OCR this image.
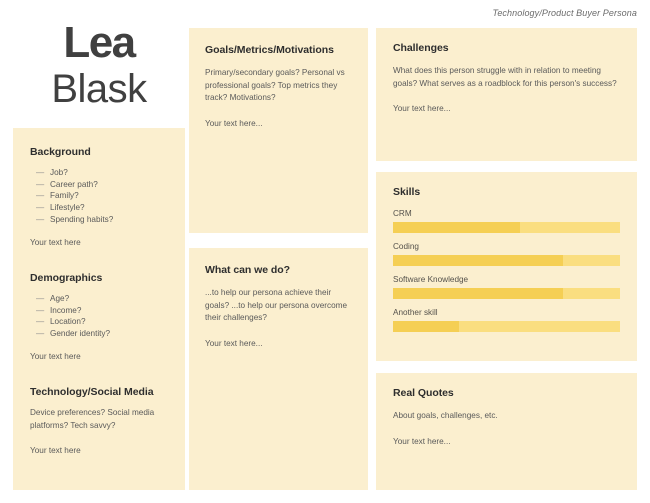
Technology/Product Buyer Persona
Lea
Blask
Background
— Job?
— Career path?
— Family?
— Lifestyle?
— Spending habits?

Your text here

Demographics
— Age?
— Income?
— Location?
— Gender identity?

Your text here

Technology/Social Media

Device preferences? Social media platforms? Tech savvy?

Your text here

Goals/Metrics/Motivations

Primary/secondary goals? Personal vs professional goals? Top metrics they track? Motivations?

Your text here...

What can we do?

...to help our persona achieve their goals? ...to help our persona overcome their challenges?

Your text here...

Challenges

What does this person struggle with in relation to meeting goals? What serves as a roadblock for this person's success?

Your text here...

Skills
CRM
Coding
Software Knowledge
Another skill
Real Quotes

About goals, challenges, etc.

Your text here...
